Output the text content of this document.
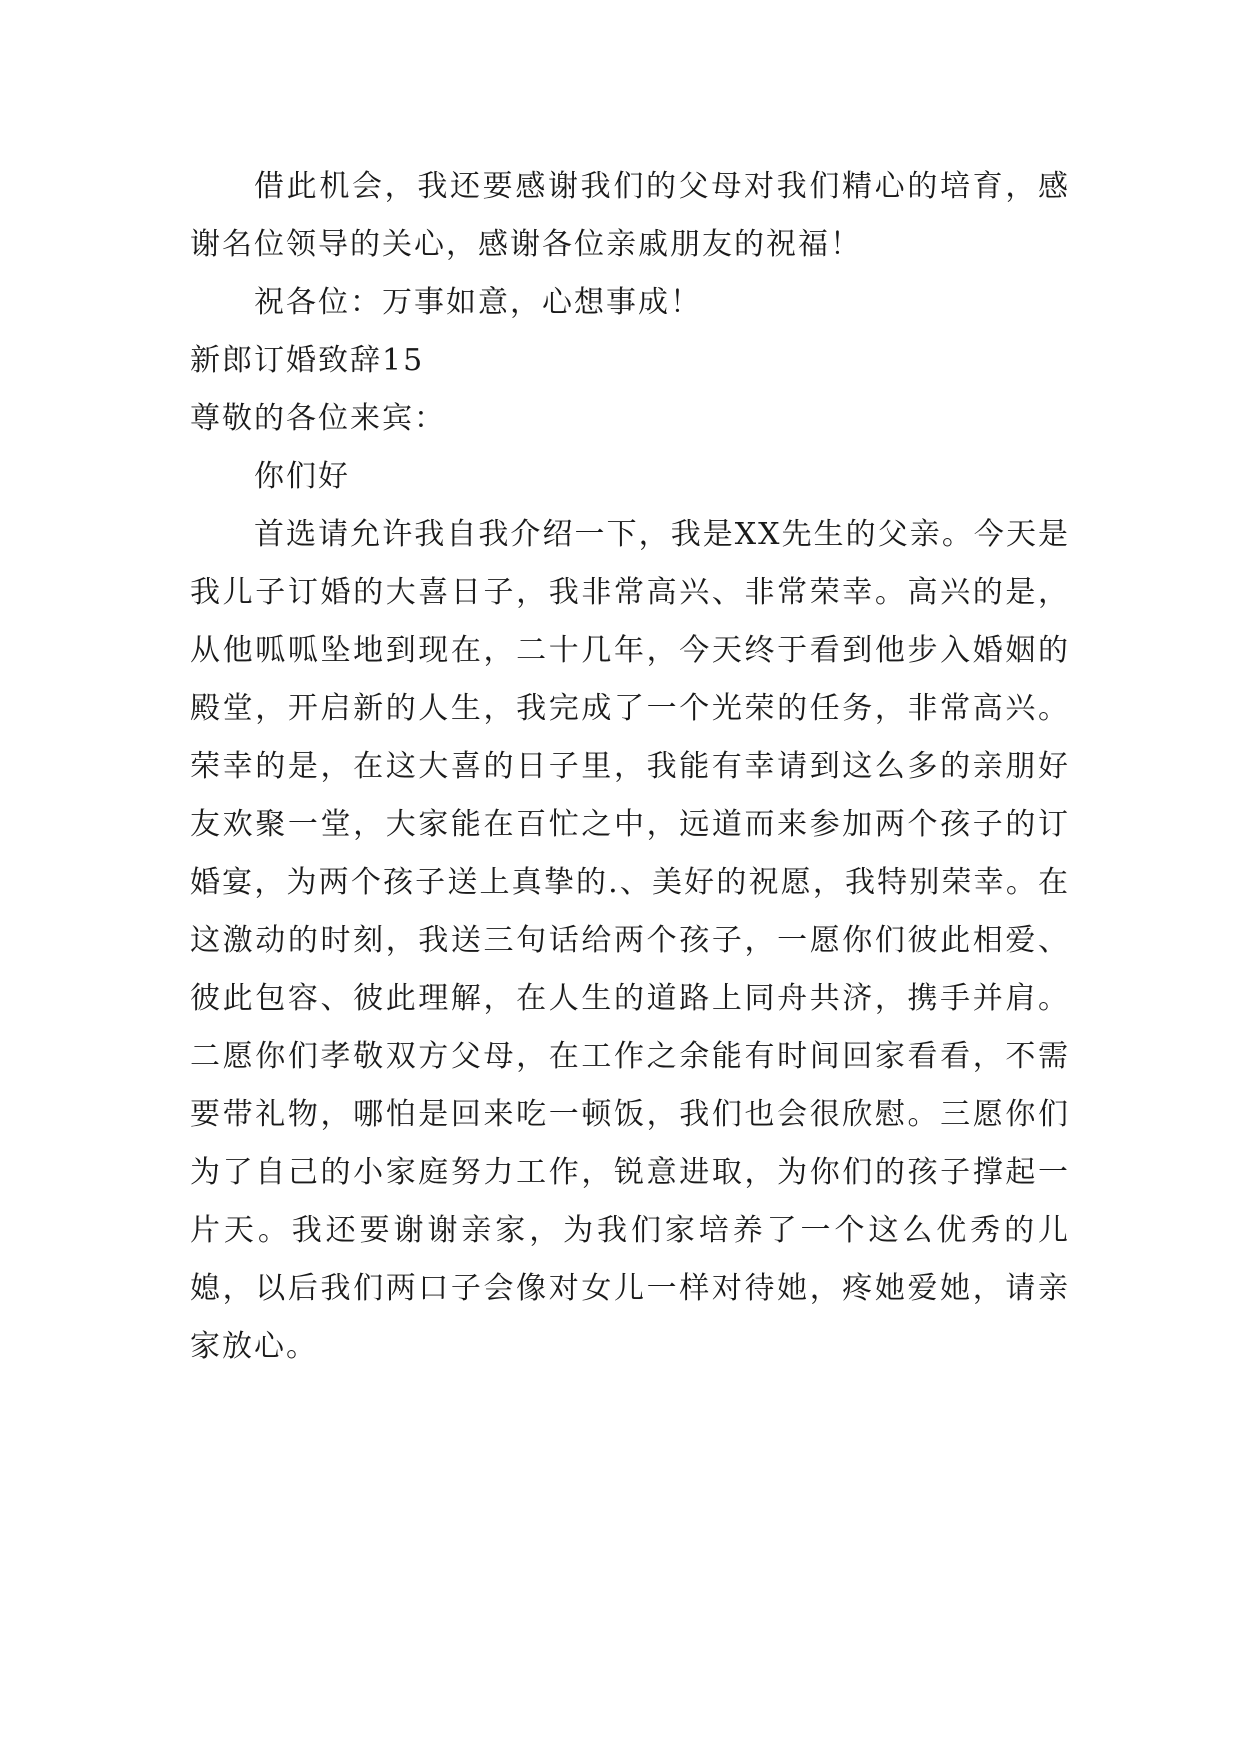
借此机会，我还要感谢我们的父母对我们精心的培育，感谢名位领导的关心，感谢各位亲戚朋友的祝福！

祝各位：万事如意，心想事成！

新郎订婚致辞15

尊敬的各位来宾：

你们好

首选请允许我自我介绍一下，我是XX先生的父亲。今天是我儿子订婚的大喜日子，我非常高兴、非常荣幸。高兴的是，从他呱呱坠地到现在，二十几年，今天终于看到他步入婚姻的殿堂，开启新的人生，我完成了一个光荣的任务，非常高兴。荣幸的是，在这大喜的日子里，我能有幸请到这么多的亲朋好友欢聚一堂，大家能在百忙之中，远道而来参加两个孩子的订婚宴，为两个孩子送上真挚的.、美好的祝愿，我特别荣幸。在这激动的时刻，我送三句话给两个孩子，一愿你们彼此相爱、彼此包容、彼此理解，在人生的道路上同舟共济，携手并肩。二愿你们孝敬双方父母，在工作之余能有时间回家看看，不需要带礼物，哪怕是回来吃一顿饭，我们也会很欣慰。三愿你们为了自己的小家庭努力工作，锐意进取，为你们的孩子撑起一片天。我还要谢谢亲家，为我们家培养了一个这么优秀的儿媳，以后我们两口子会像对女儿一样对待她，疼她爱她，请亲家放心。
